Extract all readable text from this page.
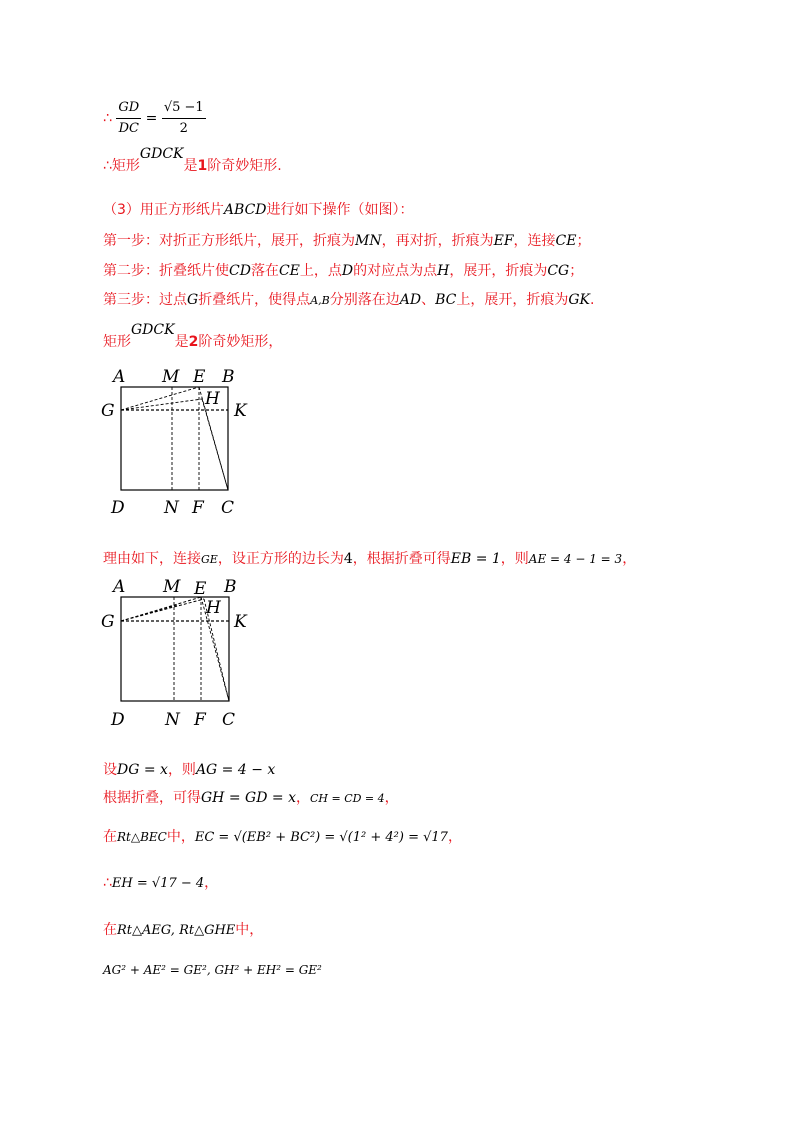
∴ $\frac{GD}{DC} = \frac{√5 -1}{2}$
∴矩形GDCK是1阶奇妙矩形.
（3）用正方形纸片ABCD进行如下操作（如图）：
第一步：对折正方形纸片，展开，折痕为MN，再对折，折痕为EF，连接CE；
第二步：折叠纸片使CD落在CE上，点D的对应点为点H，展开，折痕为CG；
第三步：过点G折叠纸片，使得点A,B分别落在边AD、BC上，展开，折痕为GK.
矩形GDCK是2阶奇妙矩形，
A M E B
G
H
K
D N F C
理由如下，连接GE，设正方形的边长为4，根据折叠可得EB = 1，则AE = 4 − 1 = 3，
A M E B
G
H
K
D N F C
设DG = x，则AG = 4 − x
根据折叠，可得GH = GD = x，CH = CD = 4，
在Rt△BEC中，EC = √(EB² + BC²) = √(1² + 4²) = √17，
∴EH = √17 − 4，
在Rt△AEG, Rt△GHE中，
AG² + AE² = GE², GH² + EH² = GE²
